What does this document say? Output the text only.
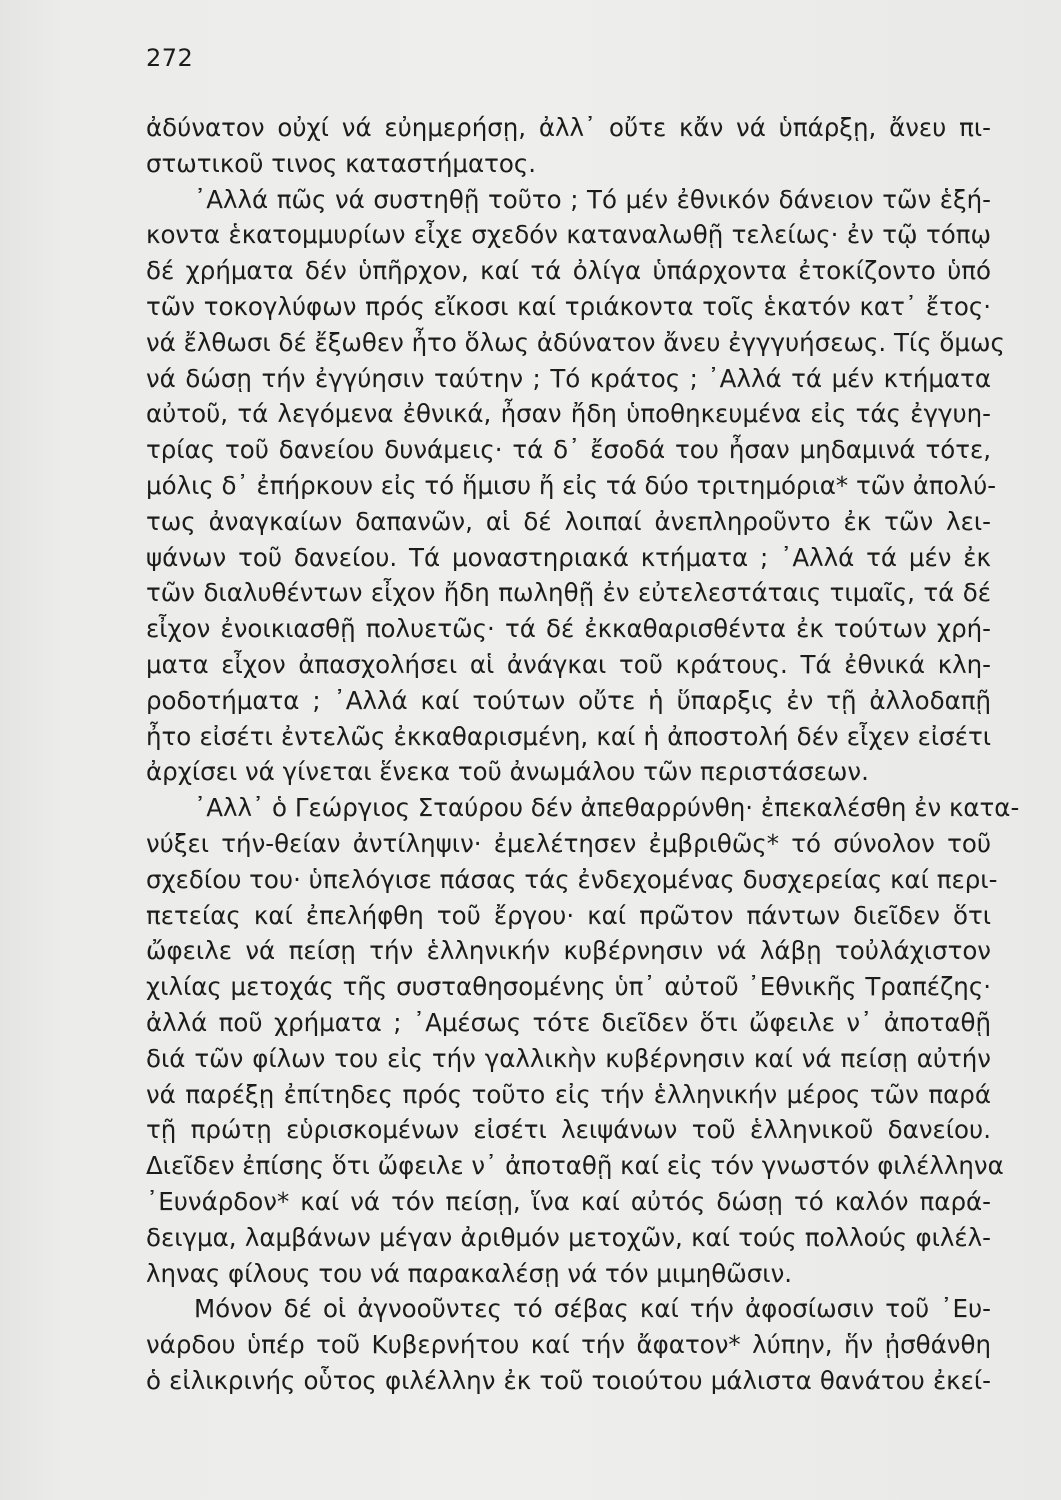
272
ἀδύνατον οὐχί νά εὐημερήσῃ, ἀλλ᾽ οὔτε κἄν νά ὑπάρξῃ, ἄνευ πι-
στωτικοῦ τινος καταστήματος.
᾽Αλλά πῶς νά συστηθῇ τοῦτο ; Τό μέν ἐθνικόν δάνειον τῶν ἑξή-
κοντα ἑκατομμυρίων εἶχε σχεδόν καταναλωθῇ τελείως· ἐν τῷ τόπῳ
δέ χρήματα δέν ὑπῆρχον, καί τά ὀλίγα ὑπάρχοντα ἐτοκίζοντο ὑπό
τῶν τοκογλύφων πρός εἴκοσι καί τριάκοντα τοῖς ἑκατόν κατ᾽ ἔτος·
νά ἔλθωσι δέ ἔξωθεν ἦτο ὅλως ἀδύνατον ἄνευ ἐγγγυήσεως. Τίς ὅμως
νά δώσῃ τήν ἐγγύησιν ταύτην ; Τό κράτος ; ᾽Αλλά τά μέν κτήματα
αὐτοῦ, τά λεγόμενα ἐθνικά, ἦσαν ἤδη ὑποθηκευμένα εἰς τάς ἐγγυη-
τρίας τοῦ δανείου δυνάμεις· τά δ᾽ ἔσοδά του ἦσαν μηδαμινά τότε,
μόλις δ᾽ ἐπήρκουν εἰς τό ἥμισυ ἤ εἰς τά δύο τριτημόρια* τῶν ἀπολύ-
τως ἀναγκαίων δαπανῶν, αἱ δέ λοιπαί ἀνεπληροῦντο ἐκ τῶν λει-
ψάνων τοῦ δανείου. Τά μοναστηριακά κτήματα ; ᾽Αλλά τά μέν ἐκ
τῶν διαλυθέντων εἶχον ἤδη πωληθῇ ἐν εὐτελεστάταις τιμαῖς, τά δέ
εἶχον ἐνοικιασθῇ πολυετῶς· τά δέ ἐκκαθαρισθέντα ἐκ τούτων χρή-
ματα εἶχον ἀπασχολήσει αἱ ἀνάγκαι τοῦ κράτους. Τά ἐθνικά κλη-
ροδοτήματα ; ᾽Αλλά καί τούτων οὔτε ἡ ὕπαρξις ἐν τῇ ἀλλοδαπῇ
ἦτο εἰσέτι ἐντελῶς ἐκκαθαρισμένη, καί ἡ ἀποστολή δέν εἶχεν εἰσέτι
ἀρχίσει νά γίνεται ἕνεκα τοῦ ἀνωμάλου τῶν περιστάσεων.
᾽Αλλ᾽ ὁ Γεώργιος Σταύρου δέν ἀπεθαρρύνθη· ἐπεκαλέσθη ἐν κατα-
νύξει τήν-θείαν ἀντίληψιν· ἐμελέτησεν ἐμβριθῶς* τό σύνολον τοῦ
σχεδίου του· ὑπελόγισε πάσας τάς ἐνδεχομένας δυσχερείας καί περι-
πετείας καί ἐπελήφθη τοῦ ἔργου· καί πρῶτον πάντων διεῖδεν ὅτι
ὤφειλε νά πείσῃ τήν ἑλληνικήν κυβέρνησιν νά λάβῃ τοὐλάχιστον
χιλίας μετοχάς τῆς συσταθησομένης ὑπ᾽ αὐτοῦ ᾽Εθνικῆς Τραπέζης·
ἀλλά ποῦ χρήματα ; ᾽Αμέσως τότε διεῖδεν ὅτι ὤφειλε ν᾽ ἀποταθῇ
διά τῶν φίλων του εἰς τήν γαλλικὴν κυβέρνησιν καί νά πείσῃ αὐτήν
νά παρέξῃ ἐπίτηδες πρός τοῦτο εἰς τήν ἑλληνικήν μέρος τῶν παρά
τῇ πρώτῃ εὑρισκομένων εἰσέτι λειψάνων τοῦ ἑλληνικοῦ δανείου.
Διεῖδεν ἐπίσης ὅτι ὤφειλε ν᾽ ἀποταθῇ καί εἰς τόν γνωστόν φιλέλληνα
᾽Ευνάρδον* καί νά τόν πείσῃ, ἵνα καί αὐτός δώσῃ τό καλόν παρά-
δειγμα, λαμβάνων μέγαν ἀριθμόν μετοχῶν, καί τούς πολλούς φιλέλ-
ληνας φίλους του νά παρακαλέσῃ νά τόν μιμηθῶσιν.
Μόνον δέ οἱ ἀγνοοῦντες τό σέβας καί τήν ἀφοσίωσιν τοῦ ᾽Ευ-
νάρδου ὑπέρ τοῦ Κυβερνήτου καί τήν ἄφατον* λύπην, ἥν ᾐσθάνθη
ὁ εἰλικρινής οὗτος φιλέλλην ἐκ τοῦ τοιούτου μάλιστα θανάτου ἐκεί-
